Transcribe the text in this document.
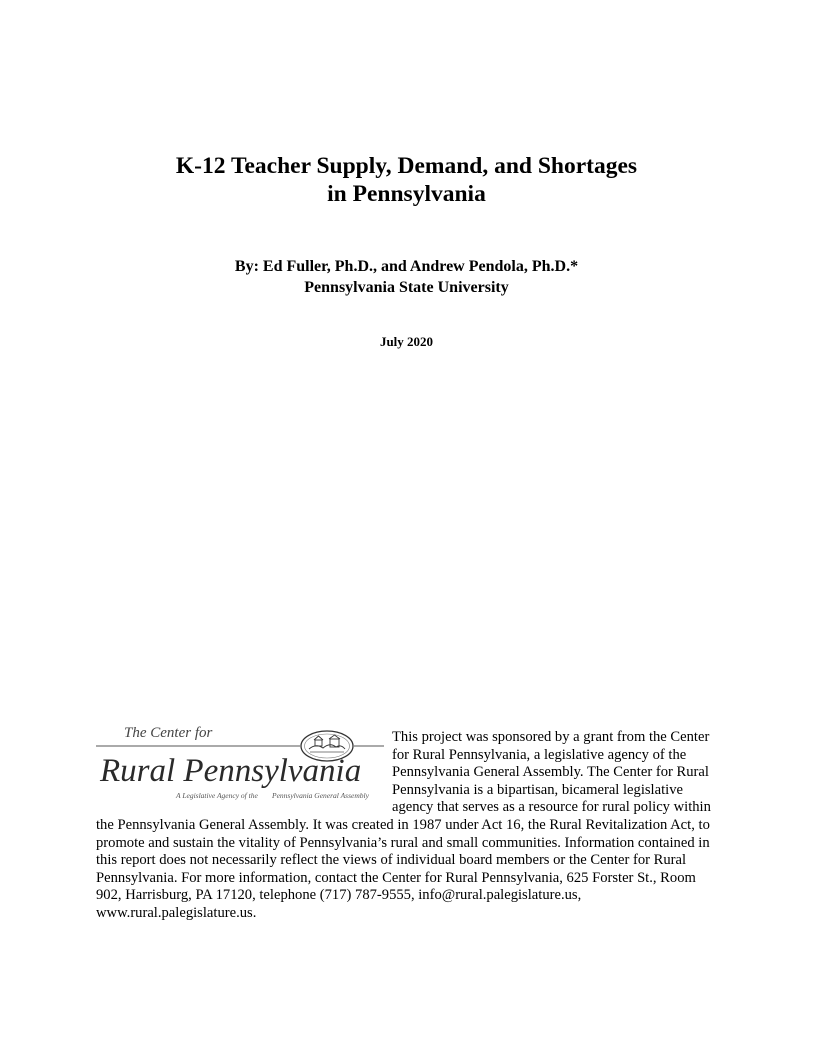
K-12 Teacher Supply, Demand, and Shortages
in Pennsylvania
By: Ed Fuller, Ph.D., and Andrew Pendola, Ph.D.*
Pennsylvania State University
July 2020
The Center for
Rural Pennsylvania
A Legislative Agency of the Pennsylvania General Assembly
This project was sponsored by a grant from the Center for Rural Pennsylvania, a legislative agency of the Pennsylvania General Assembly. The Center for Rural Pennsylvania is a bipartisan, bicameral legislative agency that serves as a resource for rural policy within the Pennsylvania General Assembly. It was created in 1987 under Act 16, the Rural Revitalization Act, to promote and sustain the vitality of Pennsylvania’s rural and small communities. Information contained in this report does not necessarily reflect the views of individual board members or the Center for Rural Pennsylvania. For more information, contact the Center for Rural Pennsylvania, 625 Forster St., Room 902, Harrisburg, PA 17120, telephone (717) 787-9555, info@rural.palegislature.us, www.rural.palegislature.us.
